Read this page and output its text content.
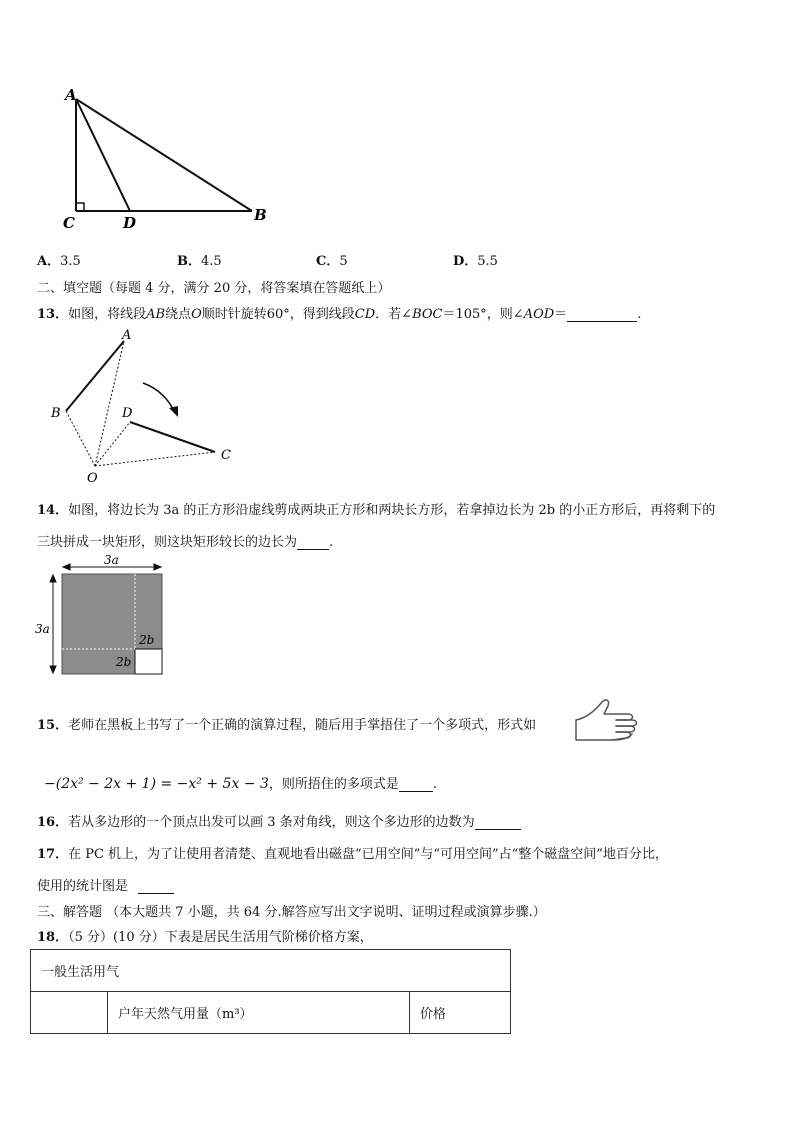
A
C	D	B
A．3.5	B．4.5	C．5	D．5.5
二、填空题（每题 4 分，满分 20 分，将答案填在答题纸上）
13．如图，将线段AB绕点O顺时针旋转60°，得到线段CD．若∠BOC＝105°，则∠AOD＝	.
A
B	D
C
O
14．如图，将边长为 3a 的正方形沿虚线剪成两块正方形和两块长方形，若拿掉边长为 2b 的小正方形后，再将剩下的
三块拼成一块矩形，则这块矩形较长的边长为 .
3a
3a
2b
2b
15．老师在黑板上书写了一个正确的演算过程，随后用手掌捂住了一个多项式，形式如
−(2x² − 2x + 1) = −x² + 5x − 3，则所捂住的多项式是	.
16．若从多边形的一个顶点出发可以画 3 条对角线，则这个多边形的边数为
17．在 PC 机上，为了让使用者清楚、直观地看出磁盘“已用空间”与“可用空间”占“整个磁盘空间”地百分比，
使用的统计图是
三、解答题 （本大题共 7 小题，共 64 分.解答应写出文字说明、证明过程或演算步骤.）
18．（5 分）(10 分）下表是居民生活用气阶梯价格方案，
一般生活用气
	户年天然气用量（m³）	价格
